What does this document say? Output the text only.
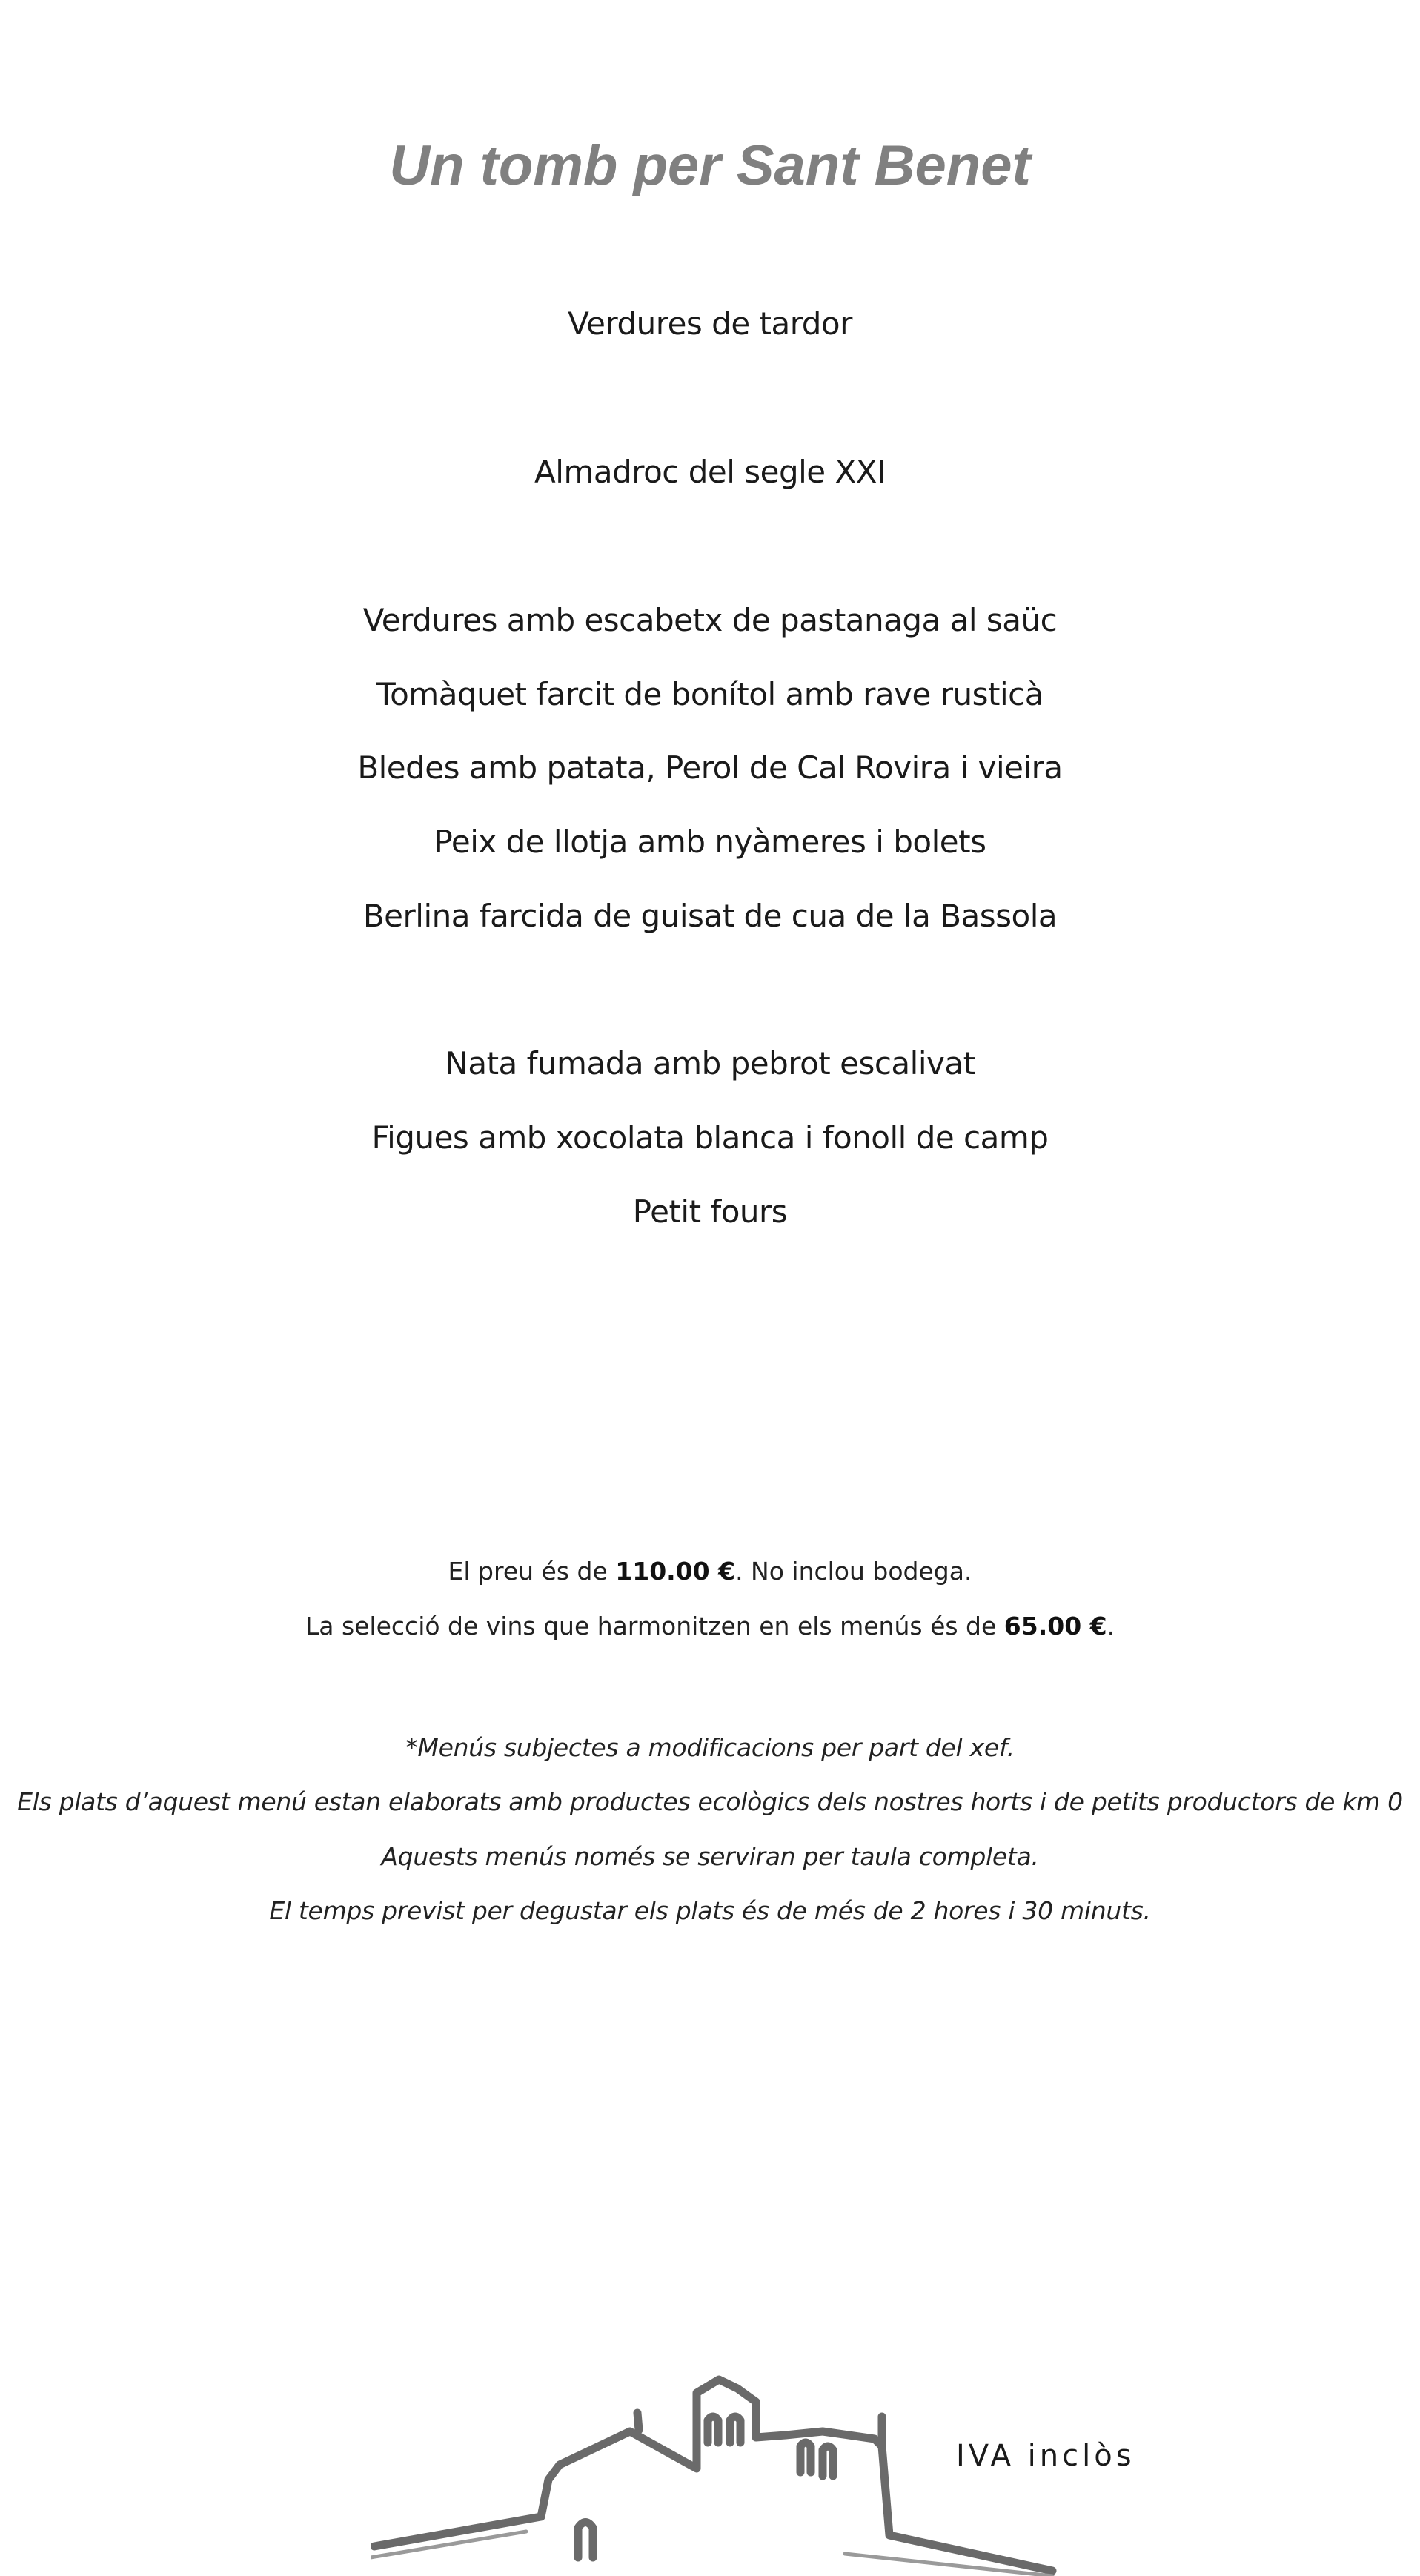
Un tomb per Sant Benet
Verdures de tardor
Almadroc del segle XXI
Verdures amb escabetx de pastanaga al saüc
Tomàquet farcit de bonítol amb rave rusticà
Bledes amb patata, Perol de Cal Rovira i vieira
Peix de llotja amb nyàmeres i bolets
Berlina farcida de guisat de cua de la Bassola
Nata fumada amb pebrot escalivat
Figues amb xocolata blanca i fonoll de camp
Petit fours
El preu és de 110.00 €. No inclou bodega.
La selecció de vins que harmonitzen en els menús és de 65.00 €.
*Menús subjectes a modificacions per part del xef.
Els plats d’aquest menú estan elaborats amb productes ecològics dels nostres horts i de petits productors de km 0
Aquests menús només se serviran per taula completa.
El temps previst per degustar els plats és de més de 2 hores i 30 minuts.
IVA inclòs
